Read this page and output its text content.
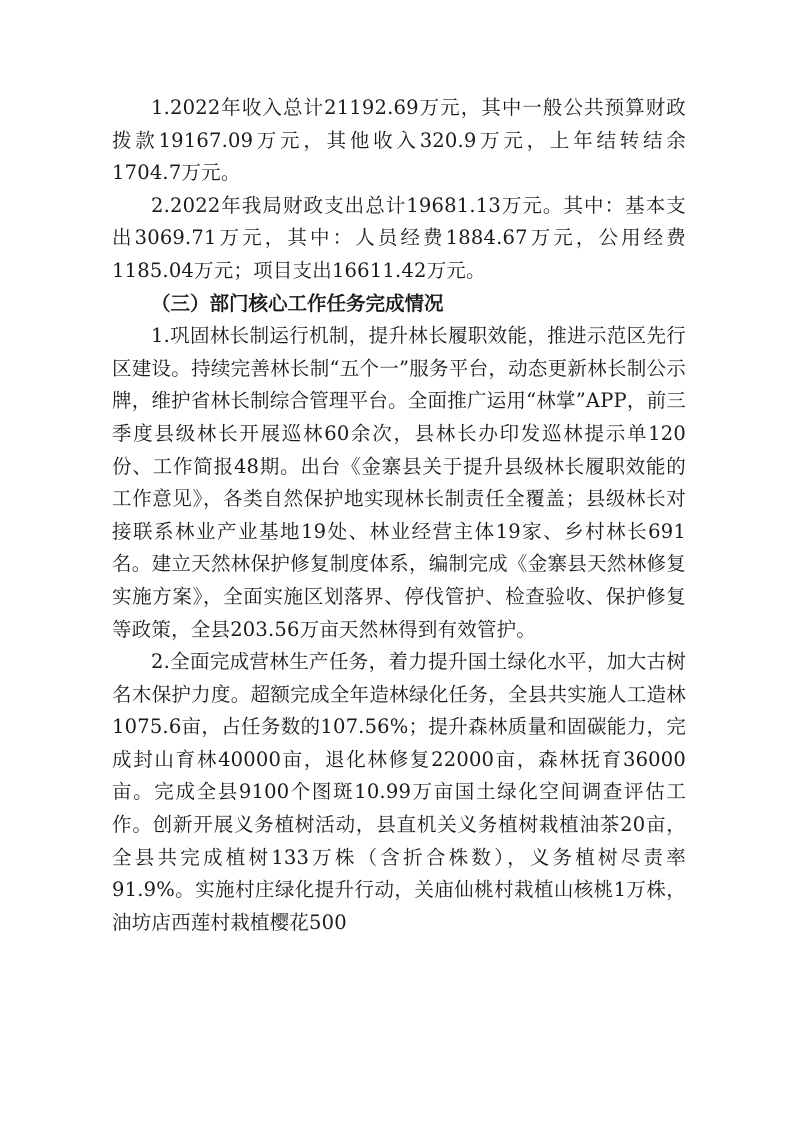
1.2022年收入总计21192.69万元，其中一般公共预算财政拨款19167.09万元，其他收入320.9万元，上年结转结余1704.7万元。

2.2022年我局财政支出总计19681.13万元。其中：基本支出3069.71万元，其中：人员经费1884.67万元，公用经费1185.04万元；项目支出16611.42万元。

（三）部门核心工作任务完成情况

1.巩固林长制运行机制，提升林长履职效能，推进示范区先行区建设。持续完善林长制“五个一”服务平台，动态更新林长制公示牌，维护省林长制综合管理平台。全面推广运用“林掌”APP，前三季度县级林长开展巡林60余次，县林长办印发巡林提示单120份、工作简报48期。出台《金寨县关于提升县级林长履职效能的工作意见》，各类自然保护地实现林长制责任全覆盖；县级林长对接联系林业产业基地19处、林业经营主体19家、乡村林长691名。建立天然林保护修复制度体系，编制完成《金寨县天然林修复实施方案》，全面实施区划落界、停伐管护、检查验收、保护修复等政策，全县203.56万亩天然林得到有效管护。

2.全面完成营林生产任务，着力提升国土绿化水平，加大古树名木保护力度。超额完成全年造林绿化任务，全县共实施人工造林1075.6亩，占任务数的107.56%；提升森林质量和固碳能力，完成封山育林40000亩，退化林修复22000亩，森林抚育36000亩。完成全县9100个图斑10.99万亩国土绿化空间调查评估工作。创新开展义务植树活动，县直机关义务植树栽植油茶20亩，全县共完成植树133万株（含折合株数），义务植树尽责率91.9%。实施村庄绿化提升行动，关庙仙桃村栽植山核桃1万株，油坊店西莲村栽植樱花500
